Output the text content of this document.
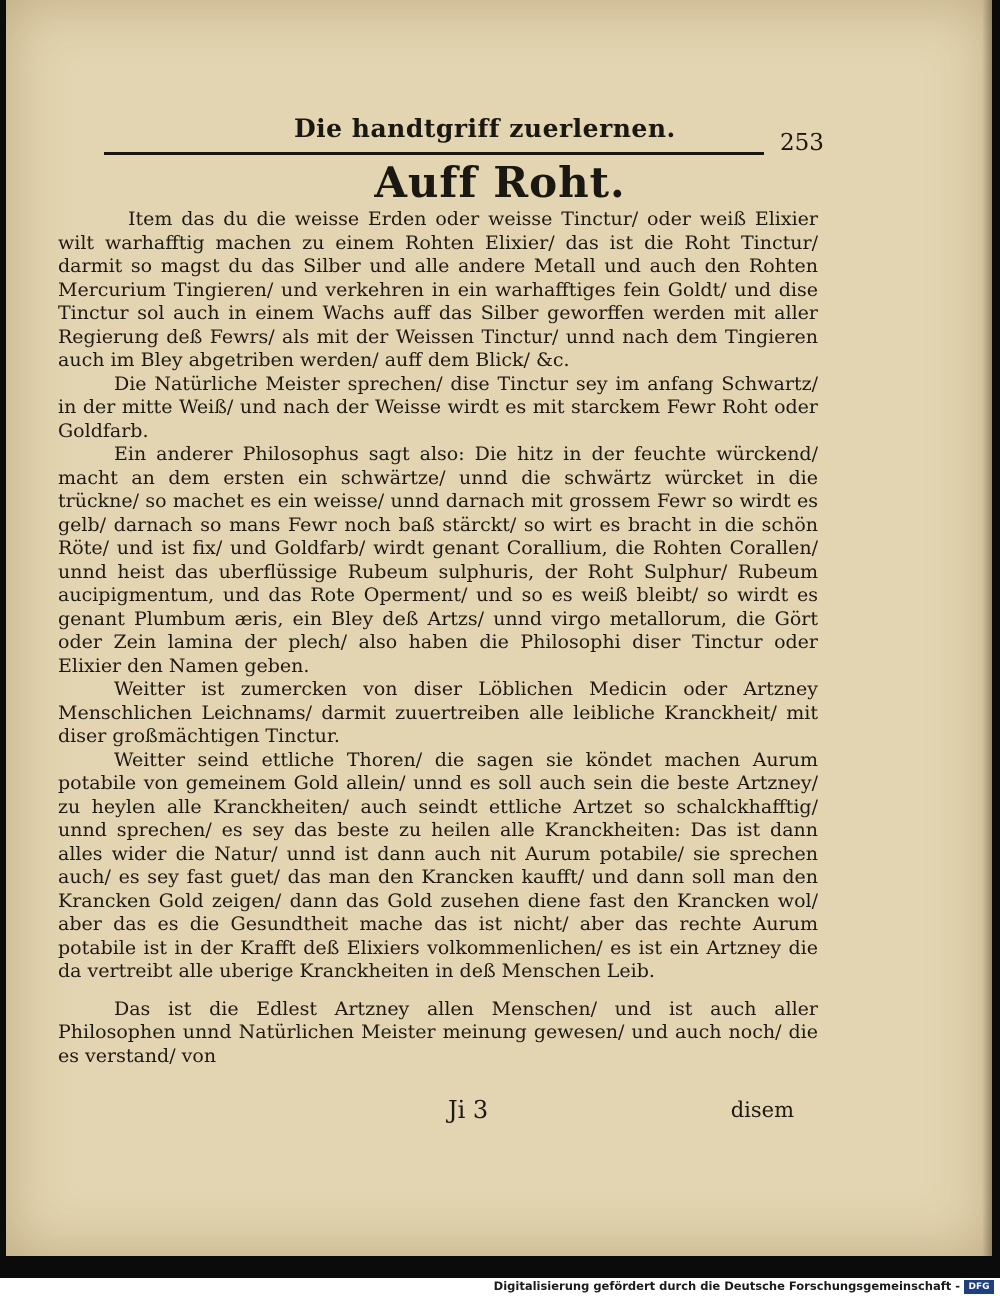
Die handtgriff zuerlernen.	253
Auff Roht.

Item das du die weisse Erden oder weisse Tinctur/ oder weiß Elixier wilt warhafftig machen zu einem Rohten Elixier/ das ist die Roht Tinctur/ darmit so magst du das Silber und alle andere Metall und auch den Rohten Mercurium Tingieren/ und verkehren in ein warhafftiges fein Goldt/ und dise Tinctur sol auch in einem Wachs auff das Silber geworffen werden mit aller Regierung deß Fewrs/ als mit der Weissen Tinctur/ unnd nach dem Tingieren auch im Bley abgetriben werden/ auff dem Blick/ &c.

Die Natürliche Meister sprechen/ dise Tinctur sey im anfang Schwartz/ in der mitte Weiß/ und nach der Weisse wirdt es mit starckem Fewr Roht oder Goldfarb.

Ein anderer Philosophus sagt also: Die hitz in der feuchte würckend/ macht an dem ersten ein schwärtze/ unnd die schwärtz würcket in die trückne/ so machet es ein weisse/ unnd darnach mit grossem Fewr so wirdt es gelb/ darnach so mans Fewr noch baß stärckt/ so wirt es bracht in die schön Röte/ und ist fix/ und Goldfarb/ wirdt genant Corallium, die Rohten Corallen/ unnd heist das uberflüssige Rubeum sulphuris, der Roht Sulphur/ Rubeum aucipigmentum, und das Rote Operment/ und so es weiß bleibt/ so wirdt es genant Plumbum æris, ein Bley deß Artzs/ unnd virgo metallorum, die Gört oder Zein lamina der plech/ also haben die Philosophi diser Tinctur oder Elixier den Namen geben.

Weitter ist zumercken von diser Löblichen Medicin oder Artzney Menschlichen Leichnams/ darmit zuuertreiben alle leibliche Kranckheit/ mit diser großmächtigen Tinctur.

Weitter seind ettliche Thoren/ die sagen sie köndet machen Aurum potabile von gemeinem Gold allein/ unnd es soll auch sein die beste Artzney/ zu heylen alle Kranckheiten/ auch seindt ettliche Artzet so schalckhafftig/ unnd sprechen/ es sey das beste zu heilen alle Kranckheiten: Das ist dann alles wider die Natur/ unnd ist dann auch nit Aurum potabile/ sie sprechen auch/ es sey fast guet/ das man den Krancken kaufft/ und dann soll man den Krancken Gold zeigen/ dann das Gold zusehen diene fast den Krancken wol/ aber das es die Gesundtheit mache das ist nicht/ aber das rechte Aurum potabile ist in der Krafft deß Elixiers volkommenlichen/ es ist ein Artzney die da vertreibt alle uberige Kranckheiten in deß Menschen Leib.

Das ist die Edlest Artzney allen Menschen/ und ist auch aller Philosophen unnd Natürlichen Meister meinung gewesen/ und auch noch/ die es verstand/ von

Ji 3	disem
Digitalisierung gefördert durch die Deutsche Forschungsgemeinschaft - DFG
